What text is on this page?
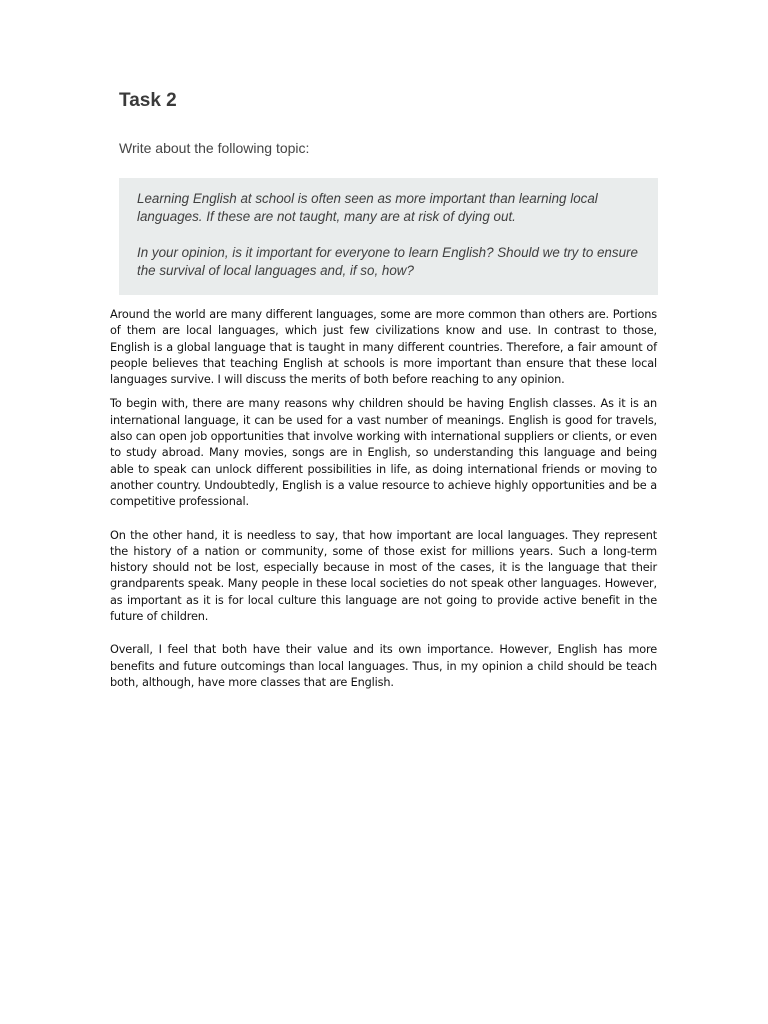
Task 2

Write about the following topic:

Learning English at school is often seen as more important than learning local languages. If these are not taught, many are at risk of dying out.

In your opinion, is it important for everyone to learn English? Should we try to ensure the survival of local languages and, if so, how?

Around the world are many different languages, some are more common than others are. Portions of them are local languages, which just few civilizations know and use. In contrast to those, English is a global language that is taught in many different countries. Therefore, a fair amount of people believes that teaching English at schools is more important than ensure that these local languages survive. I will discuss the merits of both before reaching to any opinion.

To begin with, there are many reasons why children should be having English classes. As it is an international language, it can be used for a vast number of meanings. English is good for travels, also can open job opportunities that involve working with international suppliers or clients, or even to study abroad. Many movies, songs are in English, so understanding this language and being able to speak can unlock different possibilities in life, as doing international friends or moving to another country. Undoubtedly, English is a value resource to achieve highly opportunities and be a competitive professional.

On the other hand, it is needless to say, that how important are local languages. They represent the history of a nation or community, some of those exist for millions years. Such a long-term history should not be lost, especially because in most of the cases, it is the language that their grandparents speak. Many people in these local societies do not speak other languages. However, as important as it is for local culture this language are not going to provide active benefit in the future of children.

Overall, I feel that both have their value and its own importance. However, English has more benefits and future outcomings than local languages. Thus, in my opinion a child should be teach both, although, have more classes that are English.
